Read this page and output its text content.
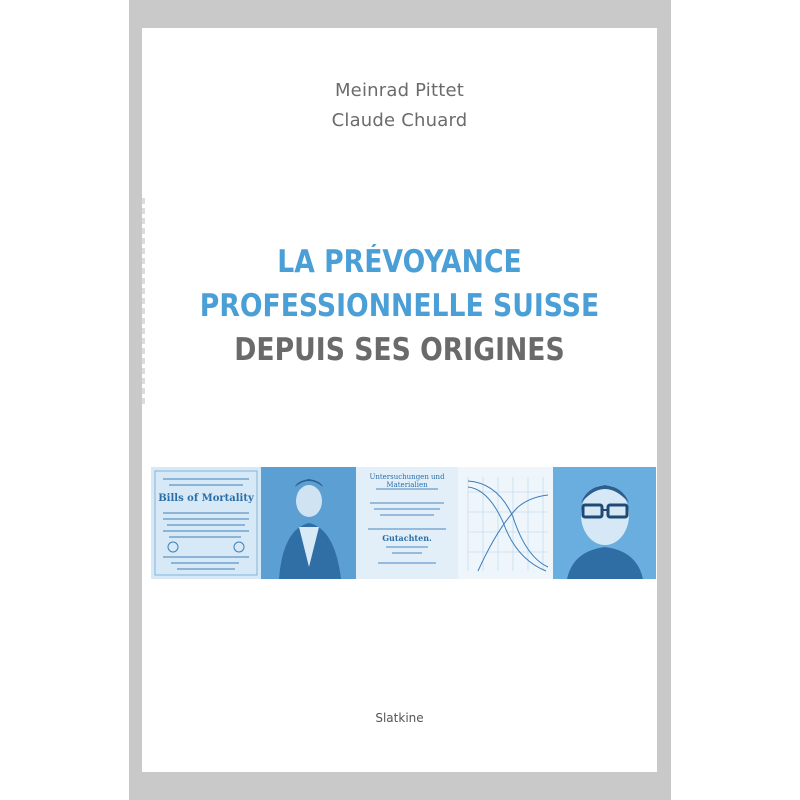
Meinrad Pittet
Claude Chuard
LA PRÉVOYANCE
PROFESSIONNELLE SUISSE
DEPUIS SES ORIGINES
Bills of Mortality
Untersuchungen und Materialien
Gutachten.
Slatkine
